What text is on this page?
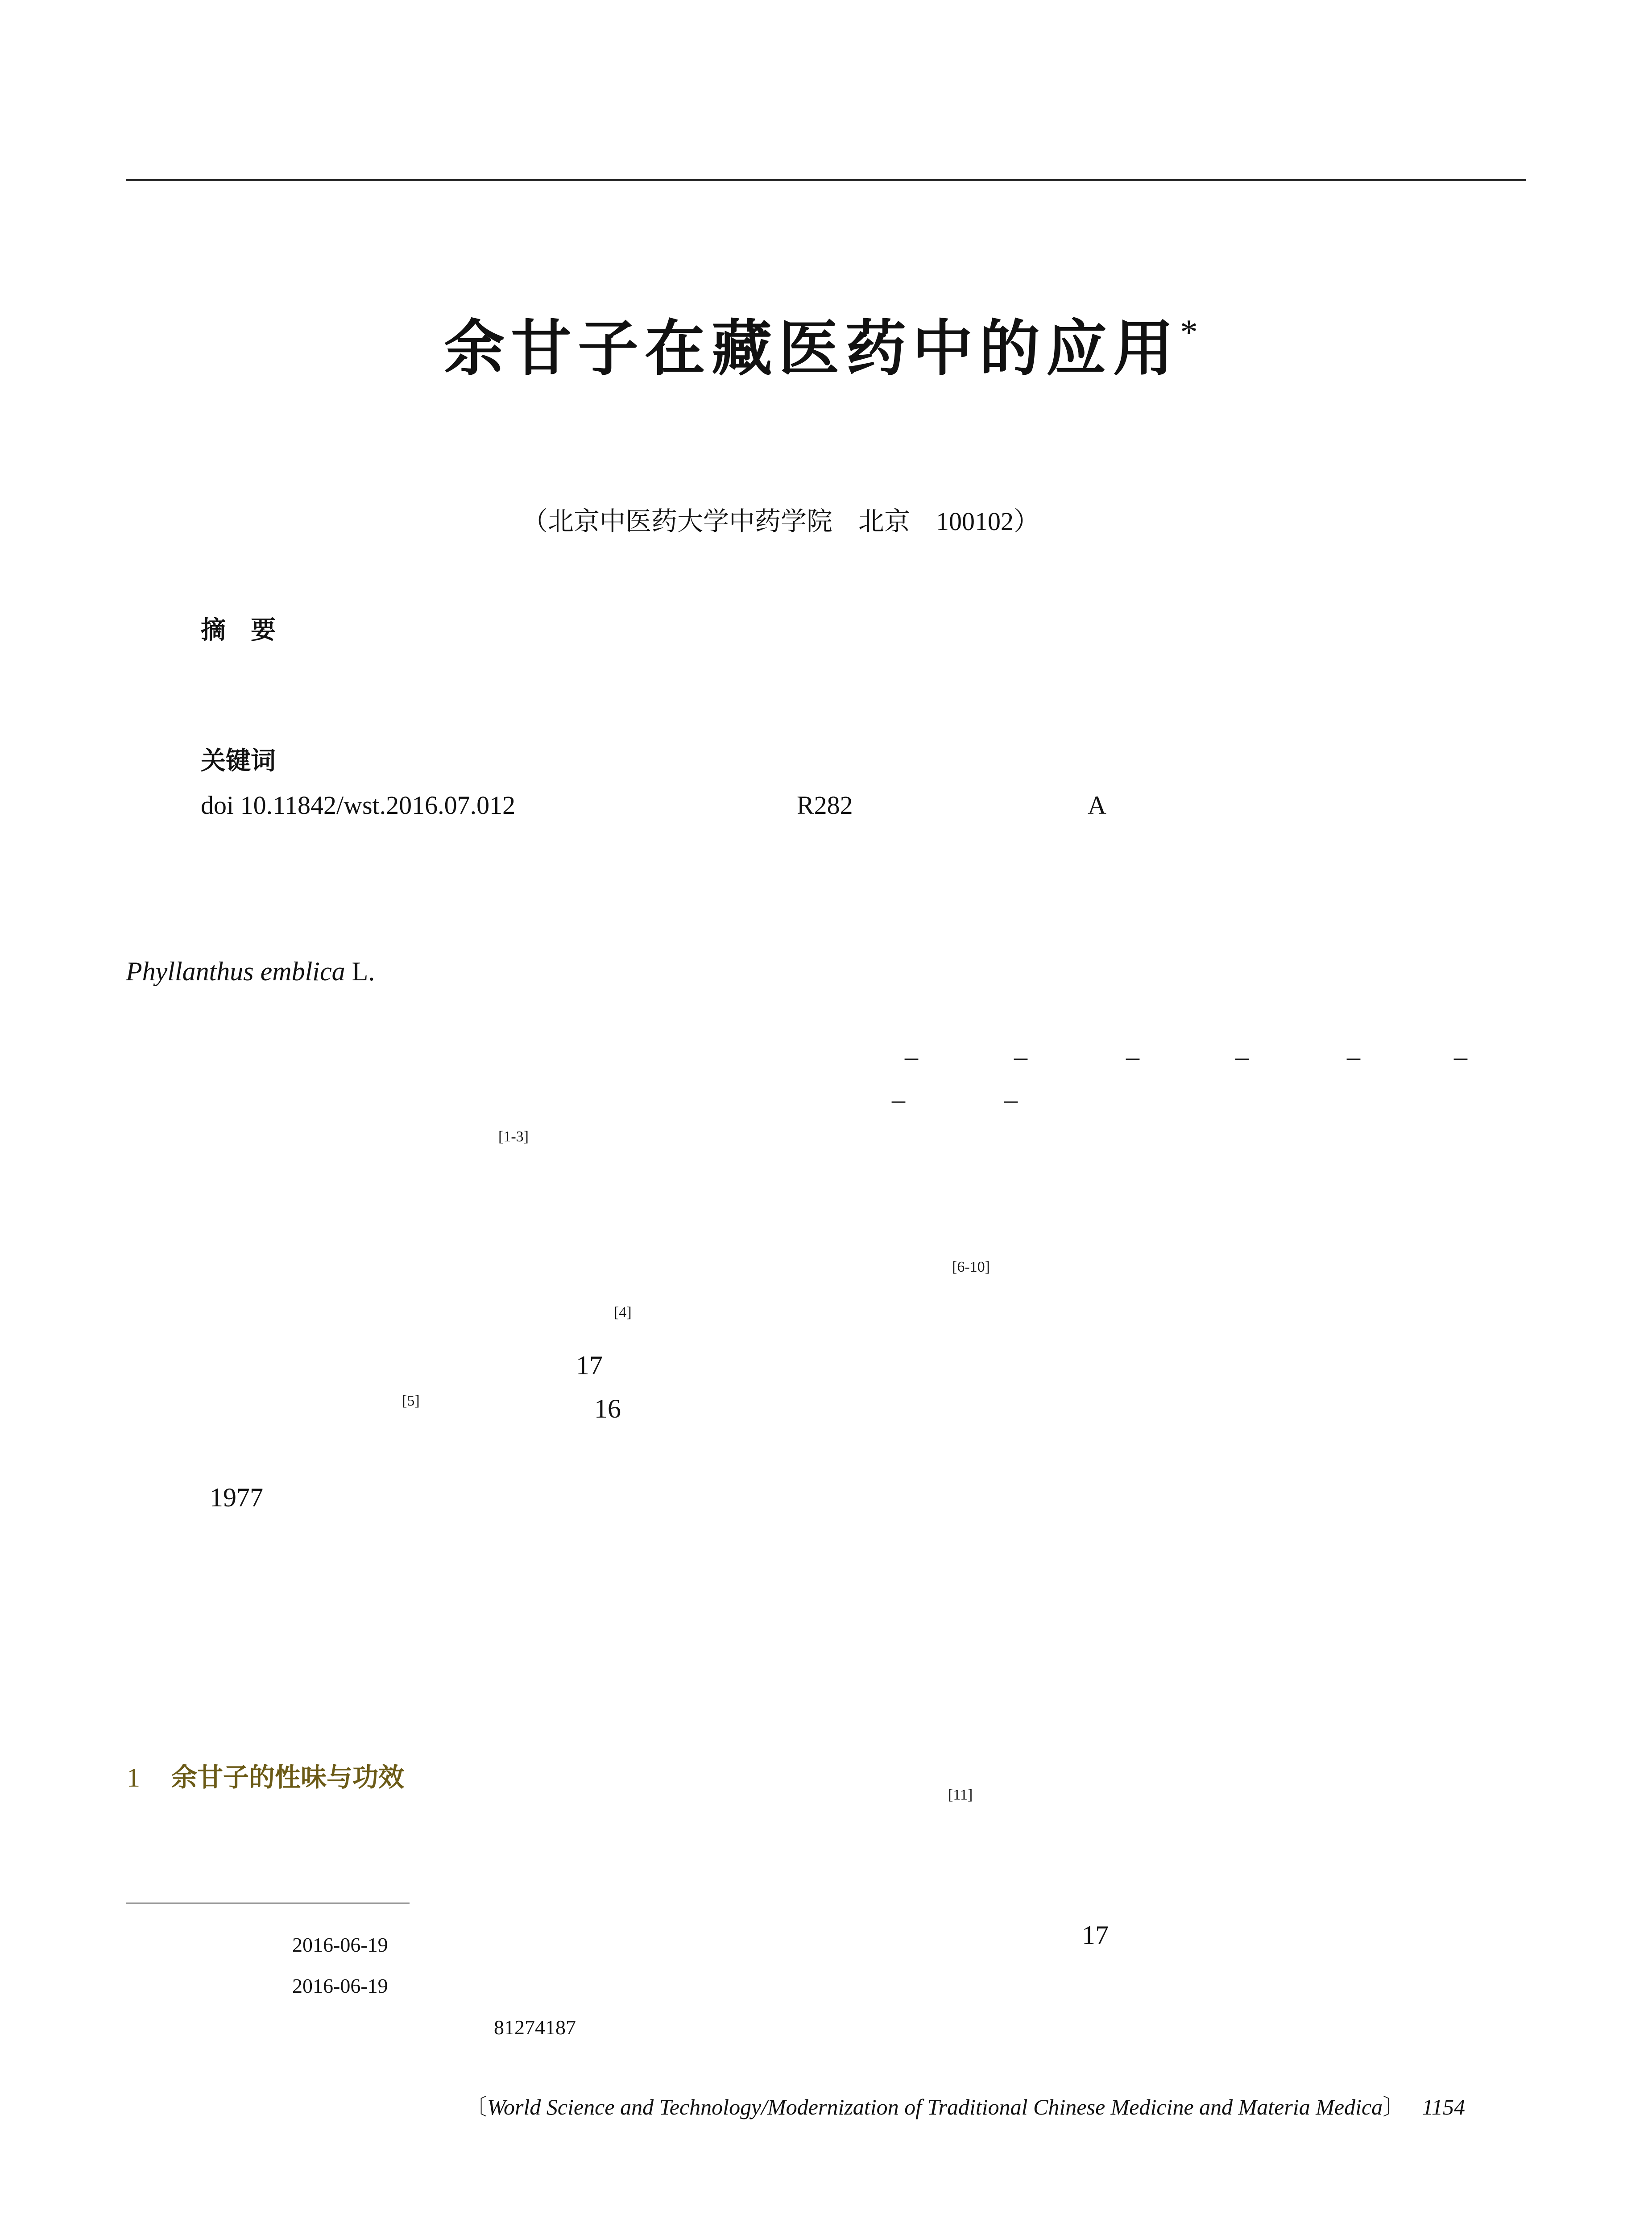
余甘子在藏医药中的应用*
（北京中医药大学中药学院　北京　100102）
摘　要
关键词
doi 10.11842/wst.2016.07.012	R282	A
Phyllanthus emblica L.
–	–	–	–	–	–
–	–
[1-3]
[6-10]
[4]
[5]
[11]
17
16
1977
17
1 余甘子的性味与功效
2016-06-19
2016-06-19
81274187
〔World Science and Technology/Modernization of Traditional Chinese Medicine and Materia Medica〕 1154
